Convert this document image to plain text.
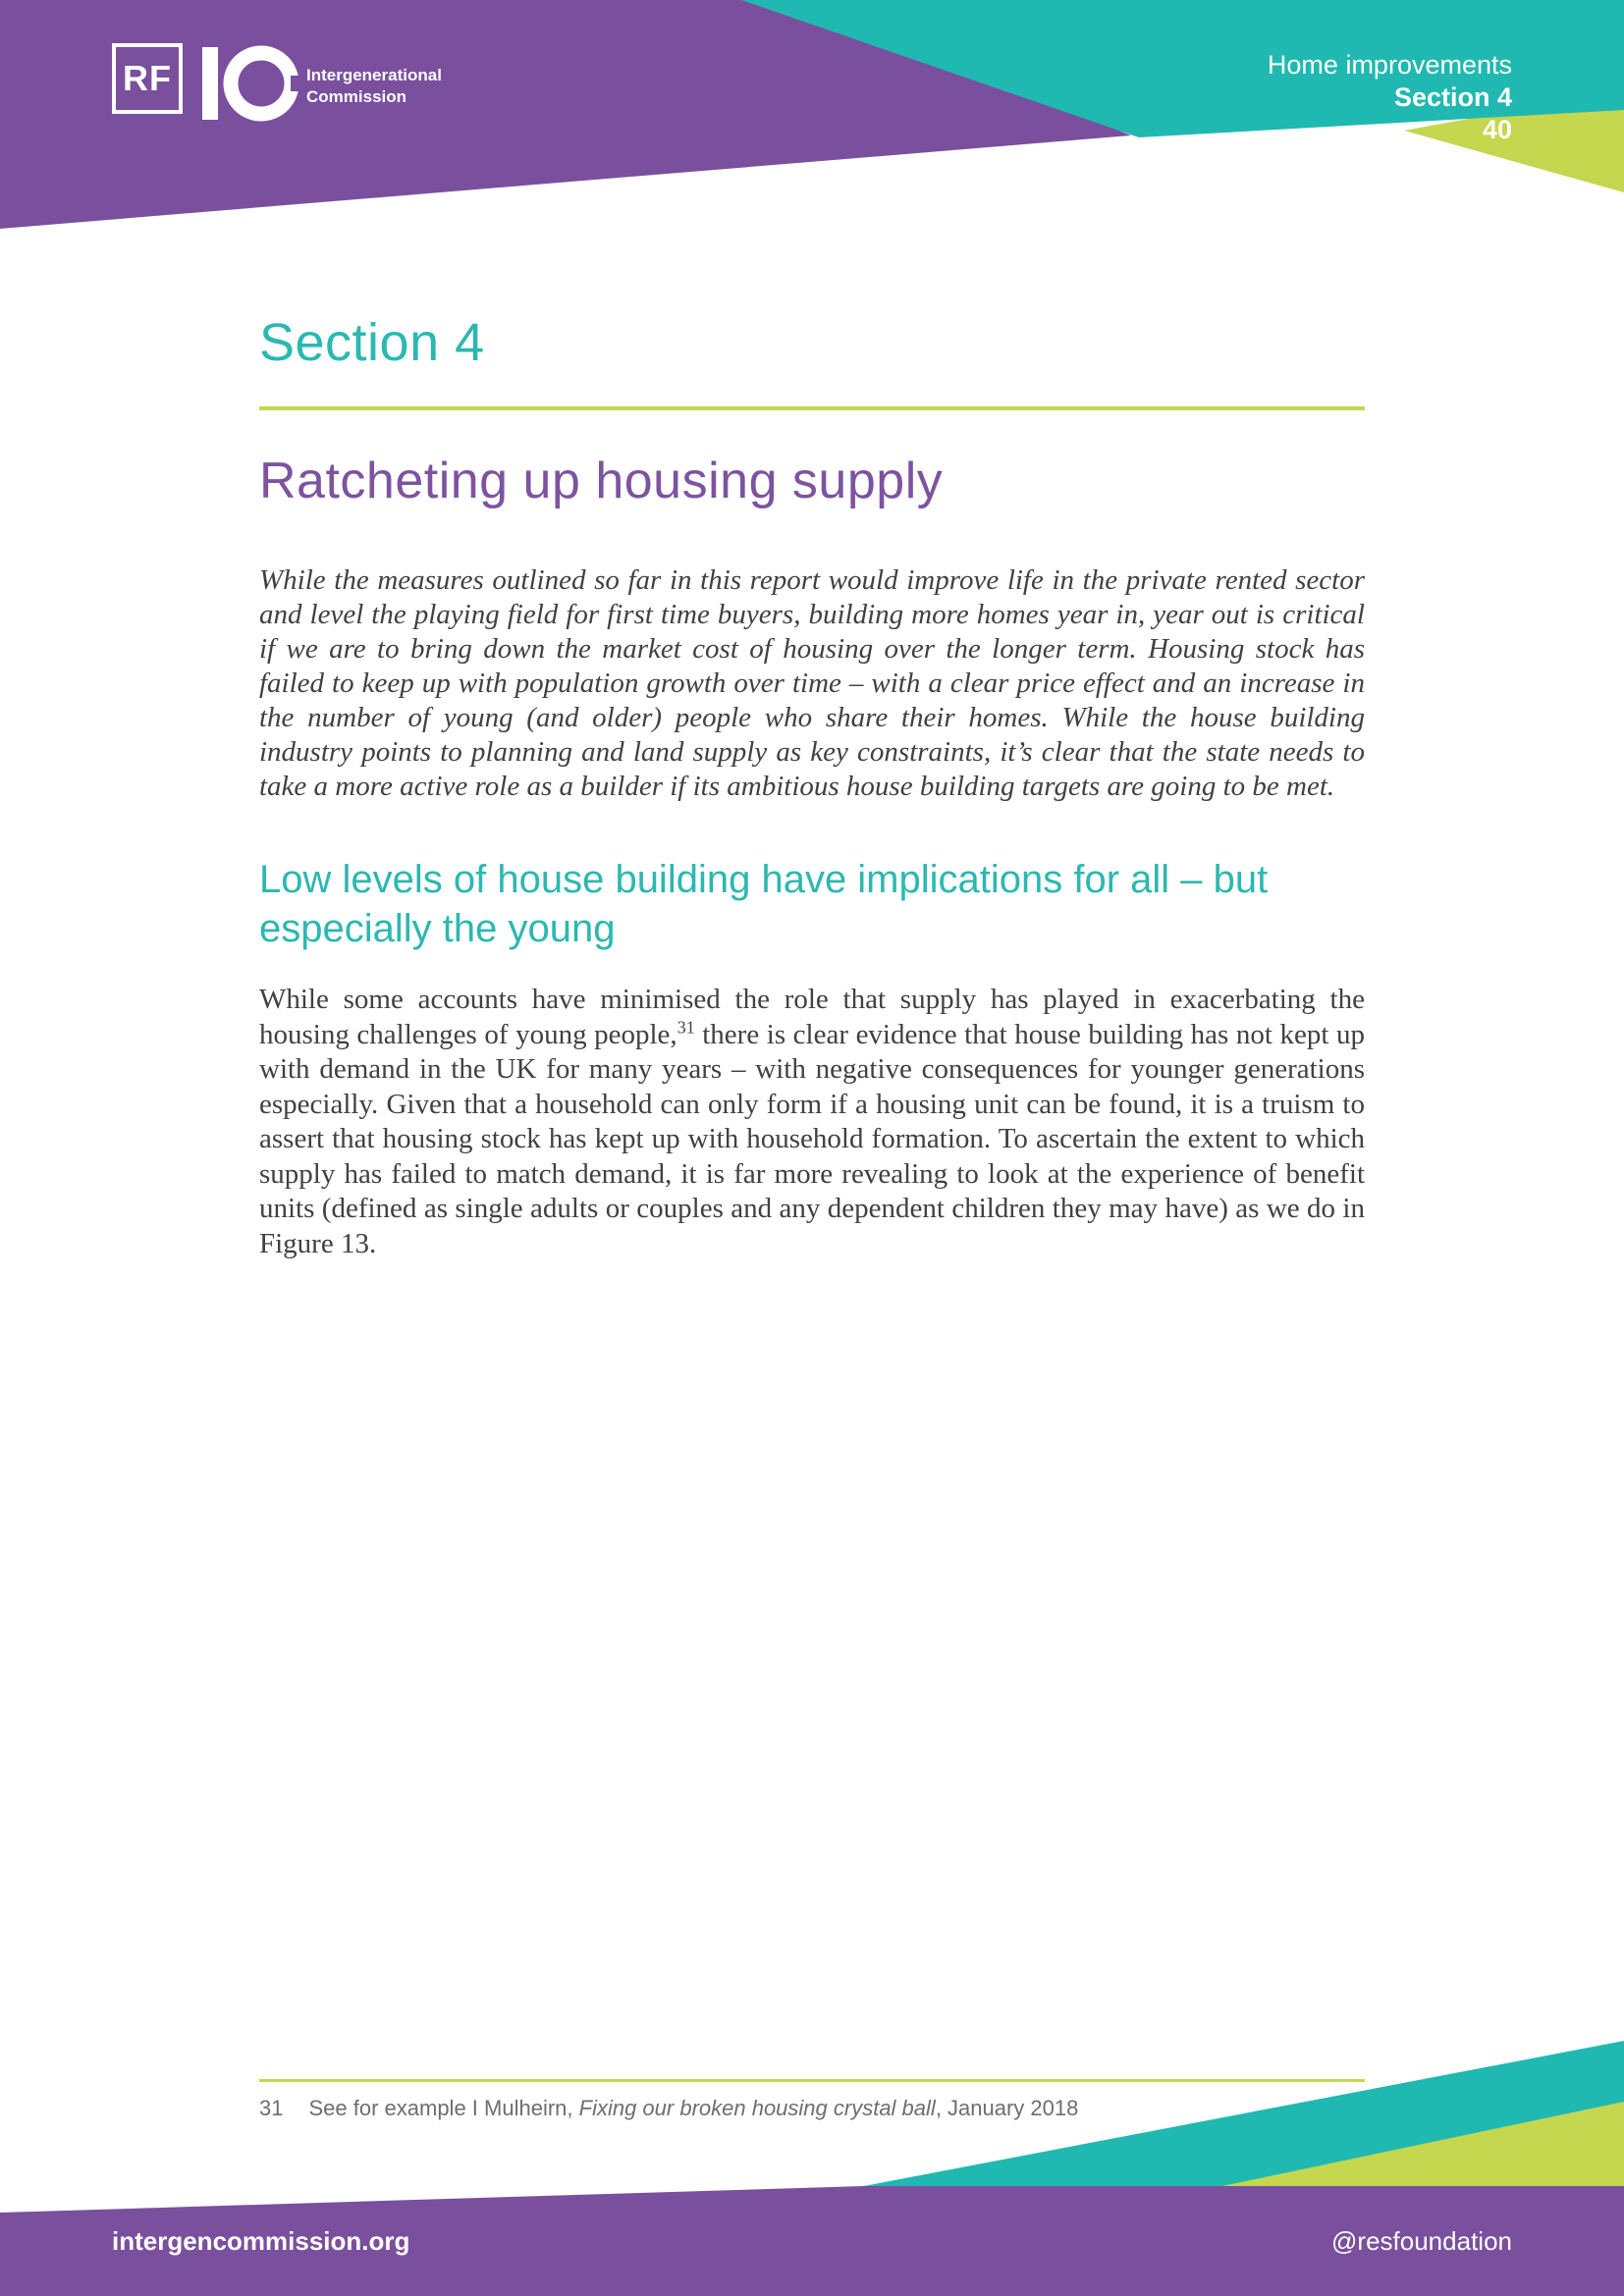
RF	Intergenerational
Commission
Home improvements
Section 4
40
Section 4
Ratcheting up housing supply

While the measures outlined so far in this report would improve life in the private rented sector and level the playing field for first time buyers, building more homes year in, year out is critical if we are to bring down the market cost of housing over the longer term. Housing stock has failed to keep up with population growth over time – with a clear price effect and an increase in the number of young (and older) people who share their homes. While the house building industry points to planning and land supply as key constraints, it’s clear that the state needs to take a more active role as a builder if its ambitious house building targets are going to be met.

Low levels of house building have implications for all – but especially the young

While some accounts have minimised the role that supply has played in exacerbating the housing challenges of young people,$^{31}$ there is clear evidence that house building has not kept up with demand in the UK for many years – with negative consequences for younger generations especially. Given that a household can only form if a housing unit can be found, it is a truism to assert that housing stock has kept up with household formation. To ascertain the extent to which supply has failed to match demand, it is far more revealing to look at the experience of benefit units (defined as single adults or couples and any dependent children they may have) as we do in Figure 13.

31 See for example I Mulheirn, Fixing our broken housing crystal ball, January 2018

intergencommission.org	@resfoundation
